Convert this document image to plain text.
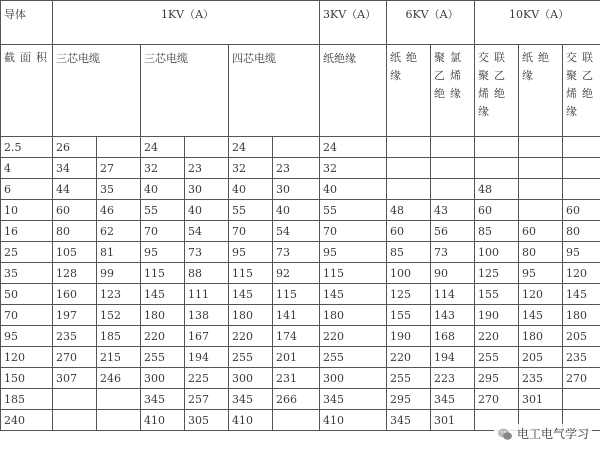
导体	1KV（A）						3KV（A）	6KV（A）		10KV（A）		
截面积	三芯电缆		三芯电缆		四芯电缆		纸绝缘	纸绝缘	聚氯乙烯绝缘	交联聚乙烯绝缘	纸绝缘	交联聚乙烯绝缘
2.5	26		24		24		24					
4	34	27	32	23	32	23	32					
6	44	35	40	30	40	30	40			48		
10	60	46	55	40	55	40	55	48	43	60		60
16	80	62	70	54	70	54	70	60	56	85	60	80
25	105	81	95	73	95	73	95	85	73	100	80	95
35	128	99	115	88	115	92	115	100	90	125	95	120
50	160	123	145	111	145	115	145	125	114	155	120	145
70	197	152	180	138	180	141	180	155	143	190	145	180
95	235	185	220	167	220	174	220	190	168	220	180	205
120	270	215	255	194	255	201	255	220	194	255	205	235
150	307	246	300	225	300	231	300	255	223	295	235	270
185			345	257	345	266	345	295	345	270	301	
240			410	305	410		410	345	301			
电工电气学习
